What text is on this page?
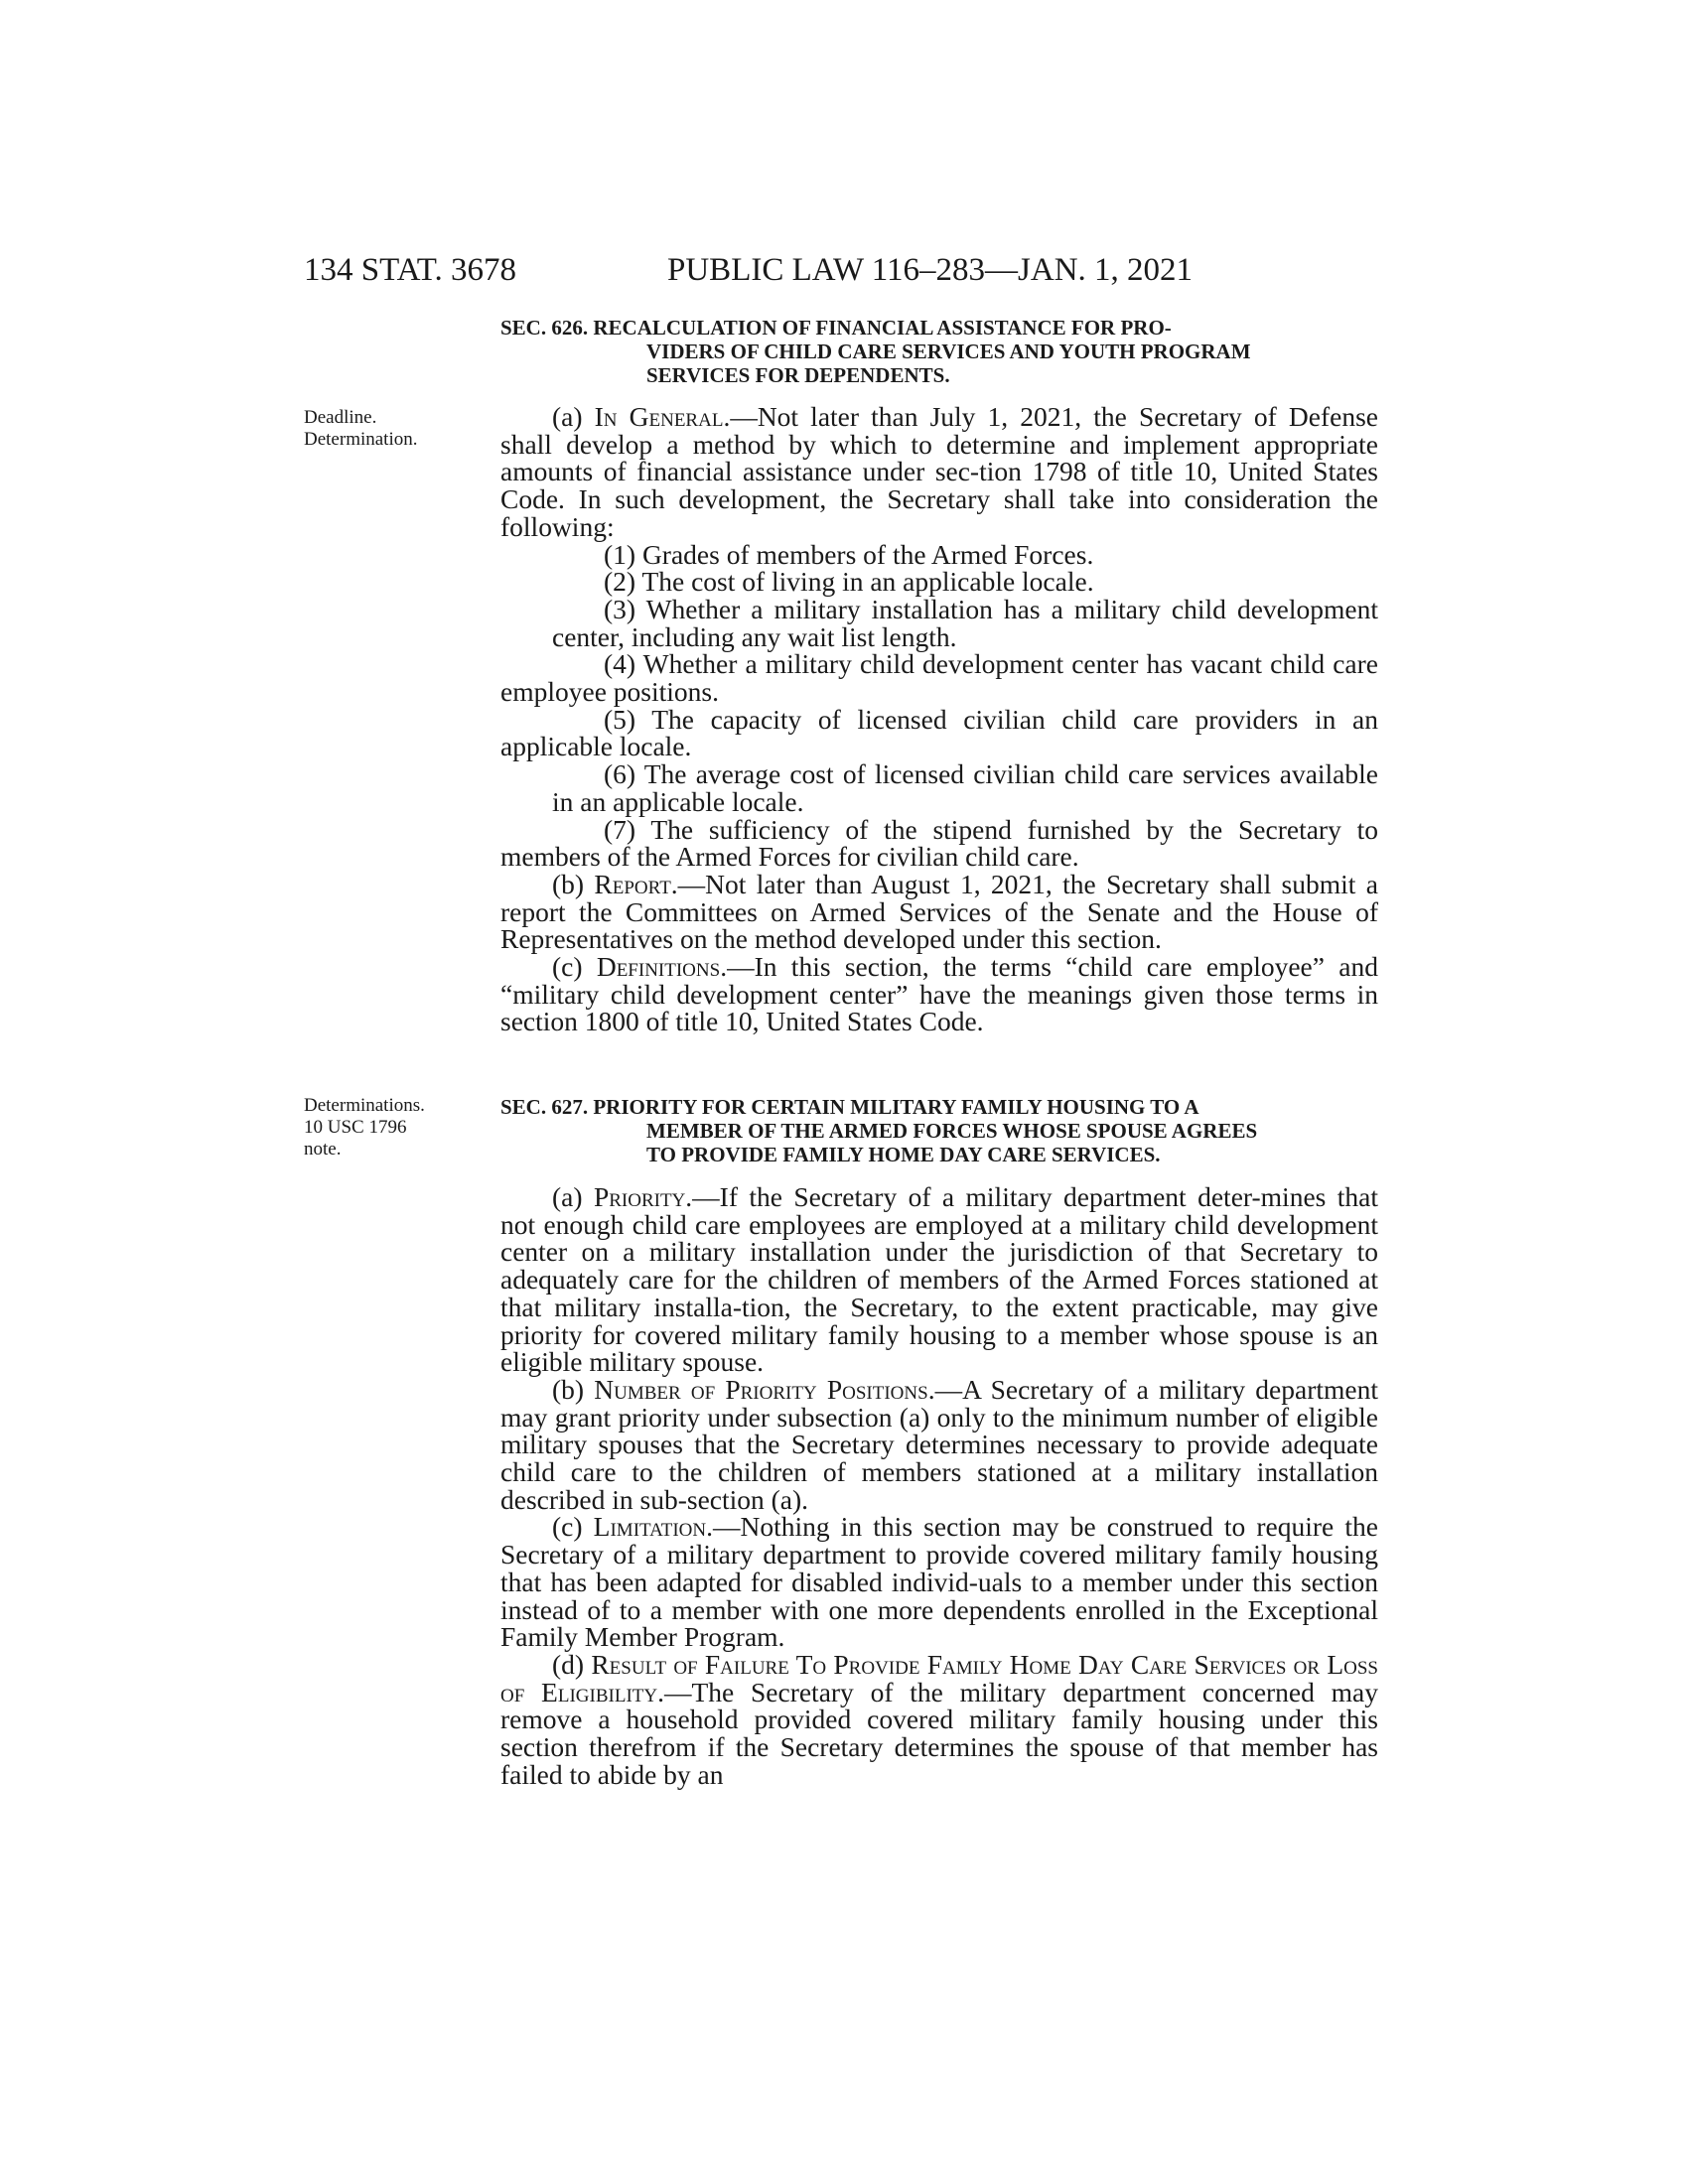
134 STAT. 3678	PUBLIC LAW 116–283—JAN. 1, 2021
Deadline.
Determination.
Determinations.
10 USC 1796
note.
SEC. 626. RECALCULATION OF FINANCIAL ASSISTANCE FOR PRO-
VIDERS OF CHILD CARE SERVICES AND YOUTH PROGRAM
SERVICES FOR DEPENDENTS.

(a) In General.—Not later than July 1, 2021, the Secretary of Defense shall develop a method by which to determine and implement appropriate amounts of financial assistance under sec-tion 1798 of title 10, United States Code. In such development, the Secretary shall take into consideration the following:

(1) Grades of members of the Armed Forces.

(2) The cost of living in an applicable locale.

(3) Whether a military installation has a military child development center, including any wait list length.

(4) Whether a military child development center has vacant child care employee positions.

(5) The capacity of licensed civilian child care providers in an applicable locale.

(6) The average cost of licensed civilian child care services available in an applicable locale.

(7) The sufficiency of the stipend furnished by the Secretary to members of the Armed Forces for civilian child care.

(b) Report.—Not later than August 1, 2021, the Secretary shall submit a report the Committees on Armed Services of the Senate and the House of Representatives on the method developed under this section.

(c) Definitions.—In this section, the terms “child care employee” and “military child development center” have the meanings given those terms in section 1800 of title 10, United States Code.

SEC. 627. PRIORITY FOR CERTAIN MILITARY FAMILY HOUSING TO A
MEMBER OF THE ARMED FORCES WHOSE SPOUSE AGREES
TO PROVIDE FAMILY HOME DAY CARE SERVICES.

(a) Priority.—If the Secretary of a military department deter-mines that not enough child care employees are employed at a military child development center on a military installation under the jurisdiction of that Secretary to adequately care for the children of members of the Armed Forces stationed at that military installa-tion, the Secretary, to the extent practicable, may give priority for covered military family housing to a member whose spouse is an eligible military spouse.

(b) Number of Priority Positions.—A Secretary of a military department may grant priority under subsection (a) only to the minimum number of eligible military spouses that the Secretary determines necessary to provide adequate child care to the children of members stationed at a military installation described in sub-section (a).

(c) Limitation.—Nothing in this section may be construed to require the Secretary of a military department to provide covered military family housing that has been adapted for disabled individ-uals to a member under this section instead of to a member with one more dependents enrolled in the Exceptional Family Member Program.

(d) Result of Failure To Provide Family Home Day Care Services or Loss of Eligibility.—The Secretary of the military department concerned may remove a household provided covered military family housing under this section therefrom if the Secretary determines the spouse of that member has failed to abide by an
